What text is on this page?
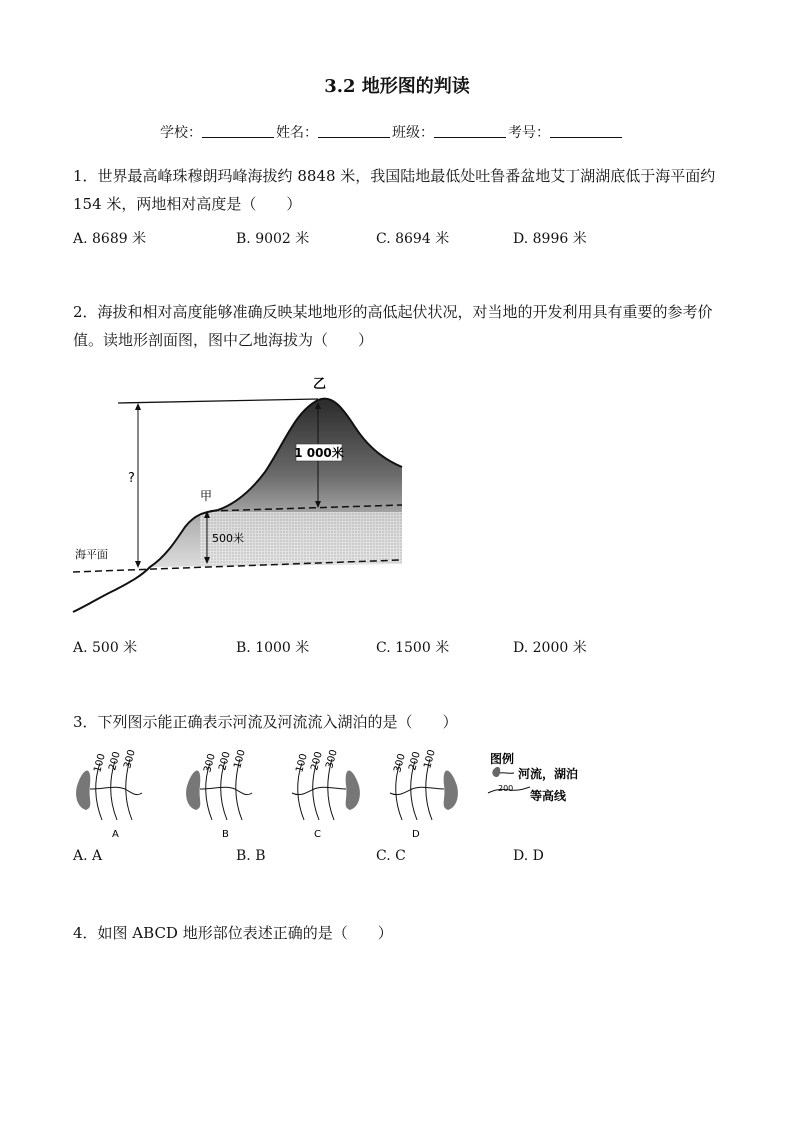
3.2 地形图的判读
学校：	姓名：	班级：	考号：
1．世界最高峰珠穆朗玛峰海拔约 8848 米，我国陆地最低处吐鲁番盆地艾丁湖湖底低于海平面约 154 米，两地相对高度是（　　）
A. 8689 米	B. 9002 米	C. 8694 米	D. 8996 米
2．海拔和相对高度能够准确反映某地地形的高低起伏状况，对当地的开发利用具有重要的参考价值。读地形剖面图，图中乙地海拔为（　　）
1 000米
乙
甲
500米
海平面
?
A. 500 米	B. 1000 米	C. 1500 米	D. 2000 米
3．下列图示能正确表示河流及河流流入湖泊的是（　　）
100 200 300
A
300 200 100
B
100 200 300
C
300 200 100
D
图例
河流，湖泊
200
等高线
A. A	B. B	C. C	D. D
4．如图 ABCD 地形部位表述正确的是（　　）
